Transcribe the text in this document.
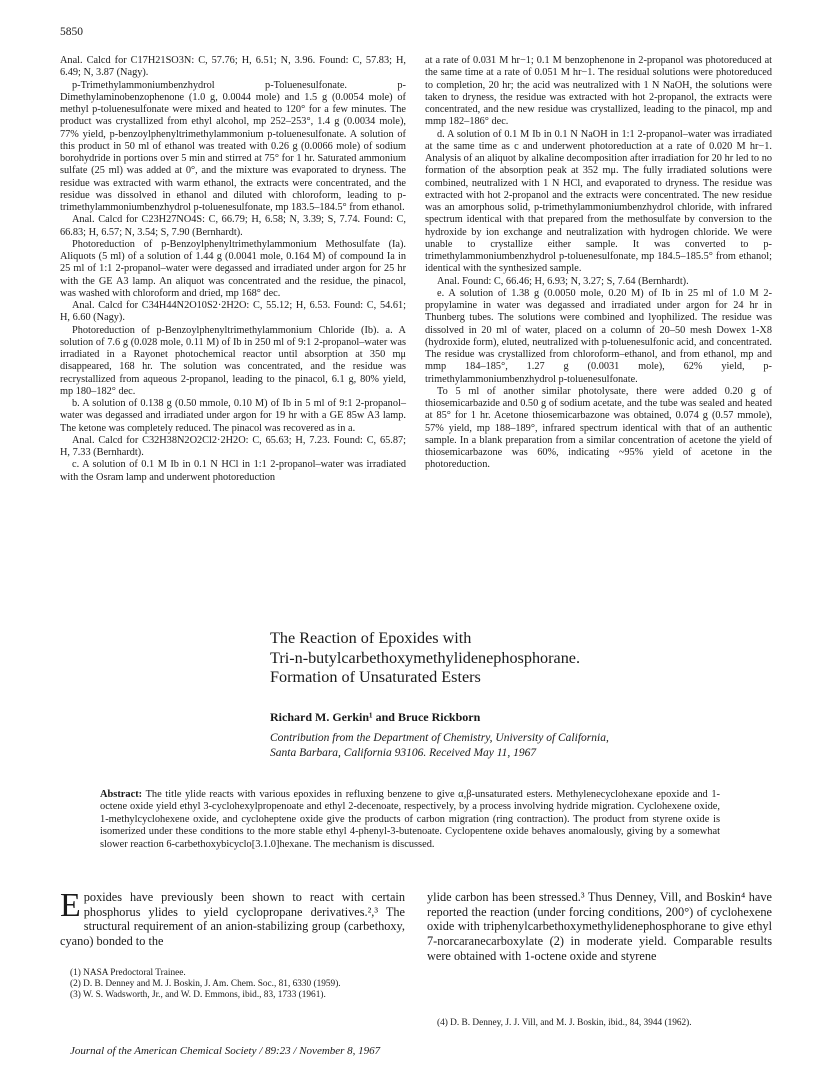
5850

Anal. Calcd for C17H21SO3N: C, 57.76; H, 6.51; N, 3.96. Found: C, 57.83; H, 6.49; N, 3.87 (Nagy).

p-Trimethylammoniumbenzhydrol p-Toluenesulfonate. p-Dimethylaminobenzophenone (1.0 g, 0.0044 mole) and 1.5 g (0.0054 mole) of methyl p-toluenesulfonate were mixed and heated to 120° for a few minutes. The product was crystallized from ethyl alcohol, mp 252–253°, 1.4 g (0.0034 mole), 77% yield, p-benzoylphenyltrimethylammonium p-toluenesulfonate. A solution of this product in 50 ml of ethanol was treated with 0.26 g (0.0066 mole) of sodium borohydride in portions over 5 min and stirred at 75° for 1 hr. Saturated ammonium sulfate (25 ml) was added at 0°, and the mixture was evaporated to dryness. The residue was extracted with warm ethanol, the extracts were concentrated, and the residue was dissolved in ethanol and diluted with chloroform, leading to p-trimethylammoniumbenzhydrol p-toluenesulfonate, mp 183.5–184.5° from ethanol.

Anal. Calcd for C23H27NO4S: C, 66.79; H, 6.58; N, 3.39; S, 7.74. Found: C, 66.83; H, 6.57; N, 3.54; S, 7.90 (Bernhardt).

Photoreduction of p-Benzoylphenyltrimethylammonium Methosulfate (Ia). Aliquots (5 ml) of a solution of 1.44 g (0.0041 mole, 0.164 M) of compound Ia in 25 ml of 1:1 2-propanol–water were degassed and irradiated under argon for 25 hr with the GE A3 lamp. An aliquot was concentrated and the residue, the pinacol, was washed with chloroform and dried, mp 168° dec.

Anal. Calcd for C34H44N2O10S2·2H2O: C, 55.12; H, 6.53. Found: C, 54.61; H, 6.60 (Nagy).

Photoreduction of p-Benzoylphenyltrimethylammonium Chloride (Ib). a. A solution of 7.6 g (0.028 mole, 0.11 M) of Ib in 250 ml of 9:1 2-propanol–water was irradiated in a Rayonet photochemical reactor until absorption at 350 mμ disappeared, 168 hr. The solution was concentrated, and the residue was recrystallized from aqueous 2-propanol, leading to the pinacol, 6.1 g, 80% yield, mp 180–182° dec.

b. A solution of 0.138 g (0.50 mmole, 0.10 M) of Ib in 5 ml of 9:1 2-propanol–water was degassed and irradiated under argon for 19 hr with a GE 85w A3 lamp. The ketone was completely reduced. The pinacol was recovered as in a.

Anal. Calcd for C32H38N2O2Cl2·2H2O: C, 65.63; H, 7.23. Found: C, 65.87; H, 7.33 (Bernhardt).

c. A solution of 0.1 M Ib in 0.1 N HCl in 1:1 2-propanol–water was irradiated with the Osram lamp and underwent photoreduction

at a rate of 0.031 M hr−1; 0.1 M benzophenone in 2-propanol was photoreduced at the same time at a rate of 0.051 M hr−1. The residual solutions were photoreduced to completion, 20 hr; the acid was neutralized with 1 N NaOH, the solutions were taken to dryness, the residue was extracted with hot 2-propanol, the extracts were concentrated, and the new residue was crystallized, leading to the pinacol, mp and mmp 182–186° dec.

d. A solution of 0.1 M Ib in 0.1 N NaOH in 1:1 2-propanol–water was irradiated at the same time as c and underwent photoreduction at a rate of 0.020 M hr−1. Analysis of an aliquot by alkaline decomposition after irradiation for 20 hr led to no formation of the absorption peak at 352 mμ. The fully irradiated solutions were combined, neutralized with 1 N HCl, and evaporated to dryness. The residue was extracted with hot 2-propanol and the extracts were concentrated. The new residue was an amorphous solid, p-trimethylammoniumbenzhydrol chloride, with infrared spectrum identical with that prepared from the methosulfate by conversion to the hydroxide by ion exchange and neutralization with hydrogen chloride. We were unable to crystallize either sample. It was converted to p-trimethylammoniumbenzhydrol p-toluenesulfonate, mp 184.5–185.5° from ethanol; identical with the synthesized sample.

Anal. Found: C, 66.46; H, 6.93; N, 3.27; S, 7.64 (Bernhardt).

e. A solution of 1.38 g (0.0050 mole, 0.20 M) of Ib in 25 ml of 1.0 M 2-propylamine in water was degassed and irradiated under argon for 24 hr in Thunberg tubes. The solutions were combined and lyophilized. The residue was dissolved in 20 ml of water, placed on a column of 20–50 mesh Dowex 1-X8 (hydroxide form), eluted, neutralized with p-toluenesulfonic acid, and concentrated. The residue was crystallized from chloroform–ethanol, and from ethanol, mp and mmp 184–185°, 1.27 g (0.0031 mole), 62% yield, p-trimethylammoniumbenzhydrol p-toluenesulfonate.

To 5 ml of another similar photolysate, there were added 0.20 g of thiosemicarbazide and 0.50 g of sodium acetate, and the tube was sealed and heated at 85° for 1 hr. Acetone thiosemicarbazone was obtained, 0.074 g (0.57 mmole), 57% yield, mp 188–189°, infrared spectrum identical with that of an authentic sample. In a blank preparation from a similar concentration of acetone the yield of thiosemicarbazone was 60%, indicating ~95% yield of acetone in the photoreduction.

The Reaction of Epoxides with
Tri-n-butylcarbethoxymethylidenephosphorane.
Formation of Unsaturated Esters
Richard M. Gerkin¹ and Bruce Rickborn
Contribution from the Department of Chemistry, University of California,
Santa Barbara, California 93106. Received May 11, 1967
Abstract: The title ylide reacts with various epoxides in refluxing benzene to give α,β-unsaturated esters. Methylenecyclohexane epoxide and 1-octene oxide yield ethyl 3-cyclohexylpropenoate and ethyl 2-decenoate, respectively, by a process involving hydride migration. Cyclohexene oxide, 1-methylcyclohexene oxide, and cycloheptene oxide give the products of carbon migration (ring contraction). The product from styrene oxide is isomerized under these conditions to the more stable ethyl 4-phenyl-3-butenoate. Cyclopentene oxide behaves anomalously, giving by a somewhat slower reaction 6-carbethoxybicyclo[3.1.0]hexane. The mechanism is discussed.
Epoxides have previously been shown to react with certain phosphorus ylides to yield cyclopropane derivatives.²,³ The structural requirement of an anion-stabilizing group (carbethoxy, cyano) bonded to the
ylide carbon has been stressed.³ Thus Denney, Vill, and Boskin⁴ have reported the reaction (under forcing conditions, 200°) of cyclohexene oxide with triphenylcarbethoxymethylidenephosphorane to give ethyl 7-norcaranecarboxylate (2) in moderate yield. Comparable results were obtained with 1-octene oxide and styrene
(1) NASA Predoctoral Trainee.
(2) D. B. Denney and M. J. Boskin, J. Am. Chem. Soc., 81, 6330 (1959).
(3) W. S. Wadsworth, Jr., and W. D. Emmons, ibid., 83, 1733 (1961).
(4) D. B. Denney, J. J. Vill, and M. J. Boskin, ibid., 84, 3944 (1962).
Journal of the American Chemical Society / 89:23 / November 8, 1967
